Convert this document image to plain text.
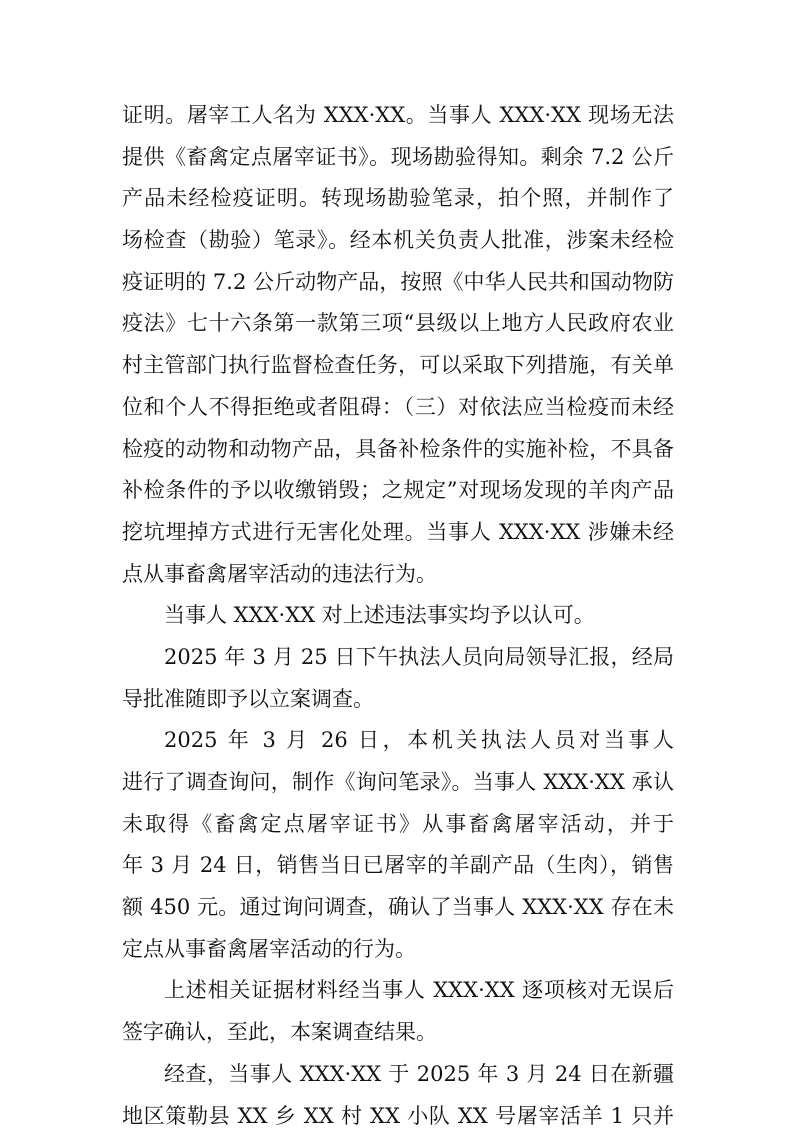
证明。屠宰工人名为 XXX·XX。当事人 XXX·XX 现场无法
提供《畜禽定点屠宰证书》。现场勘验得知。剩余 7.2 公斤
产品未经检疫证明。转现场勘验笔录，拍个照，并制作了
场检查（勘验）笔录》。经本机关负责人批准，涉案未经检
疫证明的 7.2 公斤动物产品，按照《中华人民共和国动物防
疫法》七十六条第一款第三项“县级以上地方人民政府农业
村主管部门执行监督检查任务，可以采取下列措施，有关单
位和个人不得拒绝或者阻碍：（三）对依法应当检疫而未经
检疫的动物和动物产品，具备补检条件的实施补检，不具备
补检条件的予以收缴销毁；之规定”对现场发现的羊肉产品
挖坑埋掉方式进行无害化处理。当事人 XXX·XX 涉嫌未经
点从事畜禽屠宰活动的违法行为。
当事人 XXX·XX 对上述违法事实均予以认可。
2025 年 3 月 25 日下午执法人员向局领导汇报，经局
导批准随即予以立案调查。
2025 年 3 月 26 日，本机关执法人员对当事人
进行了调查询问，制作《询问笔录》。当事人 XXX·XX 承认
未取得《畜禽定点屠宰证书》从事畜禽屠宰活动，并于
年 3 月 24 日，销售当日已屠宰的羊副产品（生肉），销售
额 450 元。通过询问调查，确认了当事人 XXX·XX 存在未
定点从事畜禽屠宰活动的行为。
上述相关证据材料经当事人 XXX·XX 逐项核对无误后
签字确认，至此，本案调查结果。
经查，当事人 XXX·XX 于 2025 年 3 月 24 日在新疆
地区策勒县 XX 乡 XX 村 XX 小队 XX 号屠宰活羊 1 只并
